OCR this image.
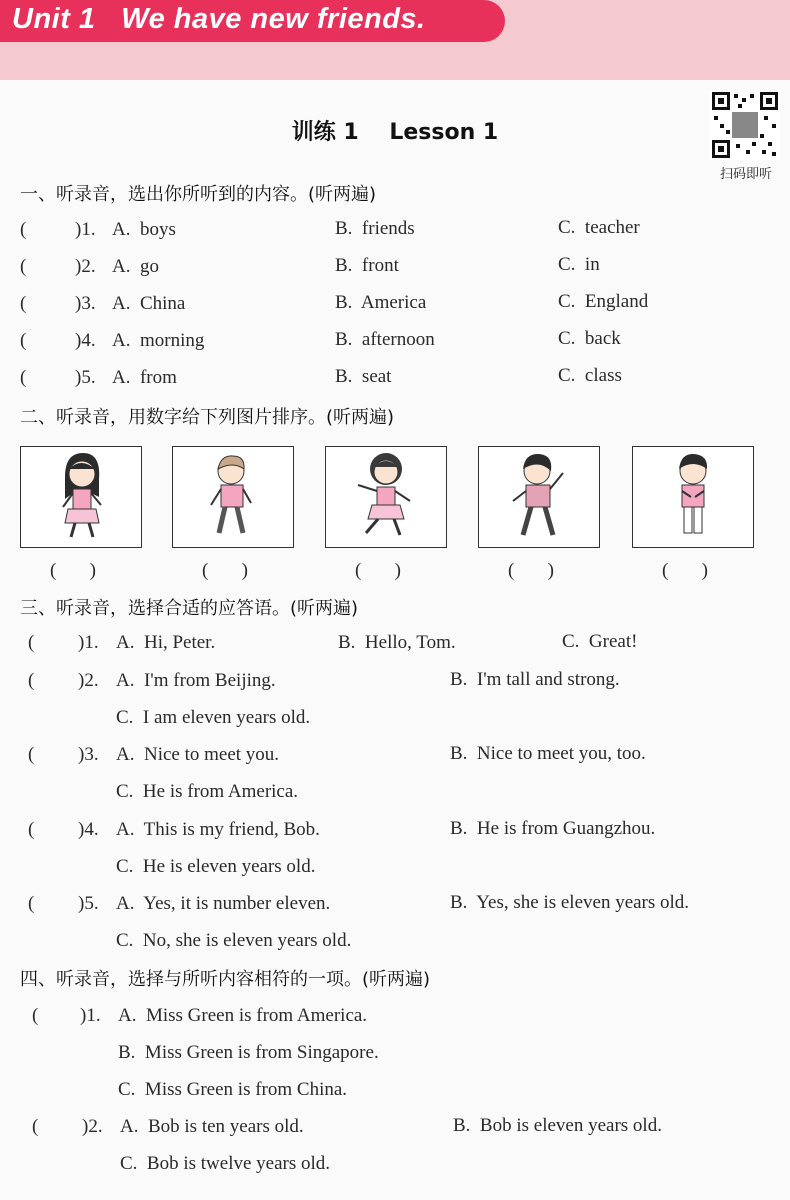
Unit 1   We have new friends.
训练 1    Lesson 1
扫码即听
一、听录音，选出你所听到的内容。(听两遍)
(	)1. A.  boys	B.  friends	C.  teacher
(	)2. A.  go	B.  front	C.  in
(	)3. A.  China	B.  America	C.  England
(	)4. A.  morning	B.  afternoon	C.  back
(	)5. A.  from	B.  seat	C.  class
二、听录音，用数字给下列图片排序。(听两遍)
(       )	(       )	(       )	(       )	(       )
三、听录音，选择合适的应答语。(听两遍)
( )1. A.  Hi, Peter.	B.  Hello, Tom.	C.  Great!
( )2. A.  I'm from Beijing.	B.  I'm tall and strong.
C.  I am eleven years old.
( )3. A.  Nice to meet you.	B.  Nice to meet you, too.
C.  He is from America.
( )4. A.  This is my friend, Bob.	B.  He is from Guangzhou.
C.  He is eleven years old.
( )5. A.  Yes, it is number eleven.	B.  Yes, she is eleven years old.
C.  No, she is eleven years old.
四、听录音，选择与所听内容相符的一项。(听两遍)
( )1. A.  Miss Green is from America.
B.  Miss Green is from Singapore.
C.  Miss Green is from China.
( )2. A.  Bob is ten years old.	B.  Bob is eleven years old.
C.  Bob is twelve years old.
